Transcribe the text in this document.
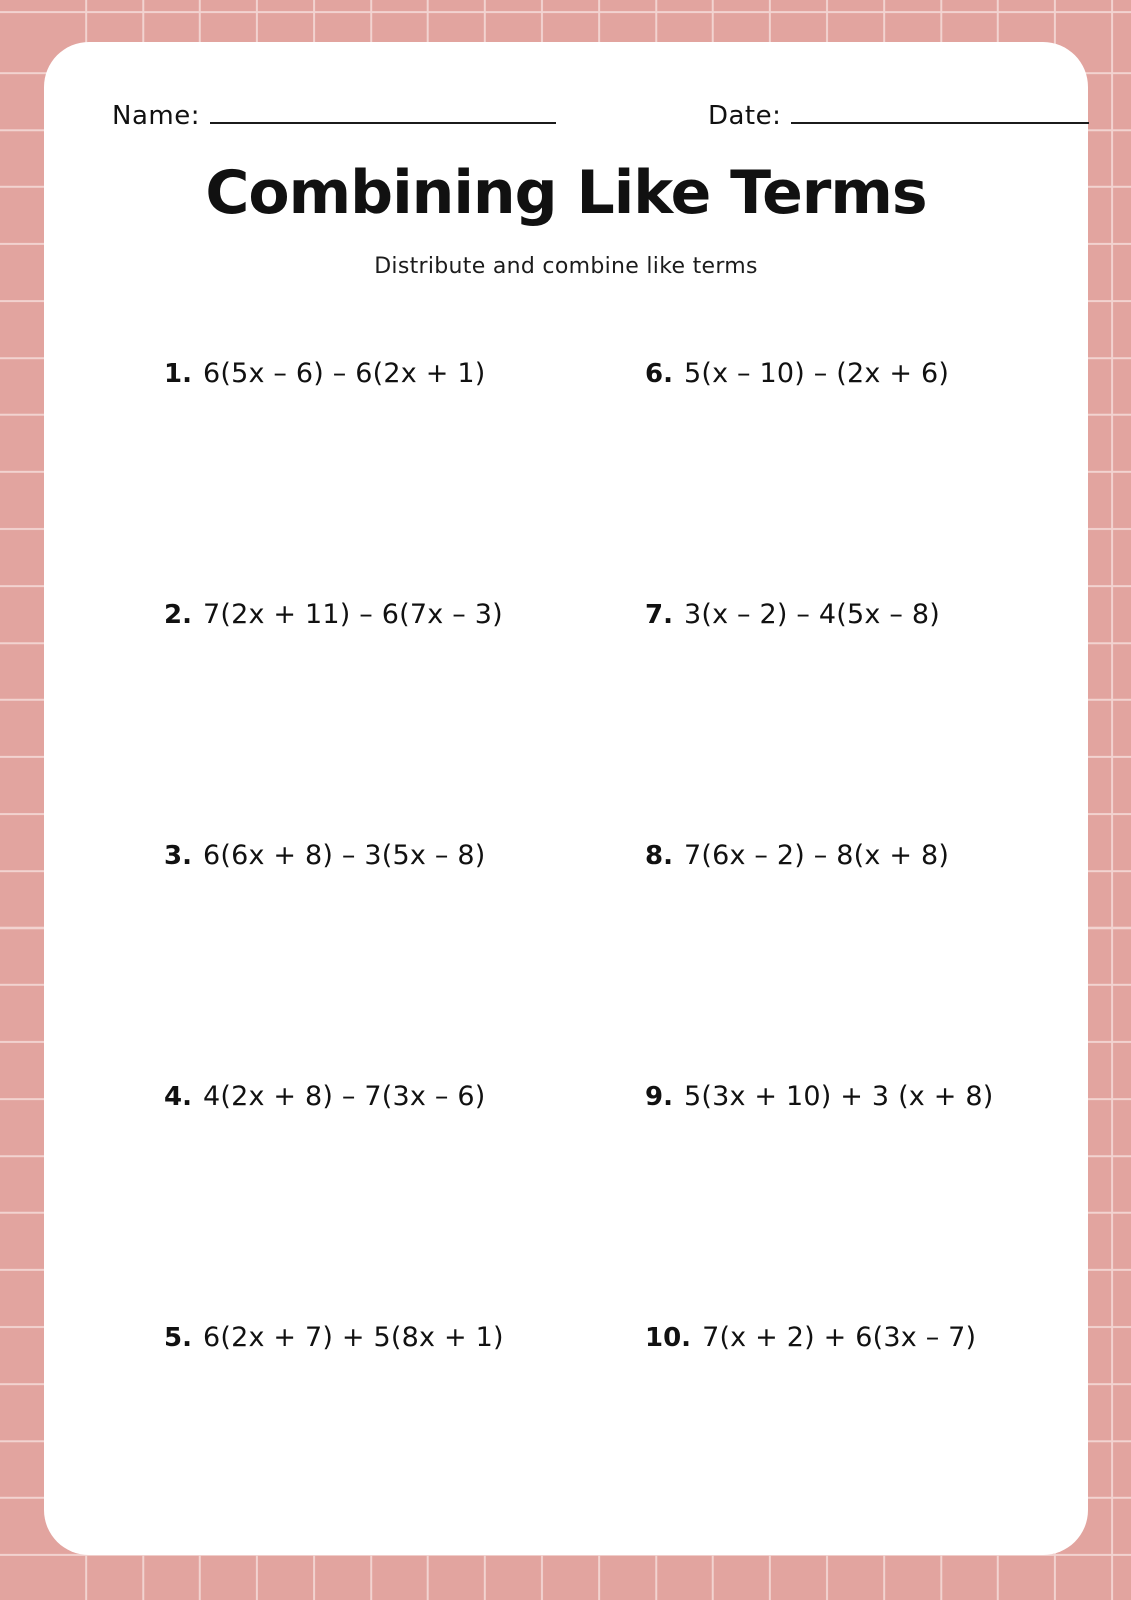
Name:	Date:
Combining Like Terms
Distribute and combine like terms
1. 6(5x – 6) – 6(2x + 1)
2. 7(2x + 11) – 6(7x – 3)
3. 6(6x + 8) – 3(5x – 8)
4. 4(2x + 8) – 7(3x – 6)
5. 6(2x + 7) + 5(8x + 1)
6. 5(x – 10) – (2x + 6)
7. 3(x – 2) – 4(5x – 8)
8. 7(6x – 2) – 8(x + 8)
9. 5(3x + 10) + 3 (x + 8)
10. 7(x + 2) + 6(3x – 7)
